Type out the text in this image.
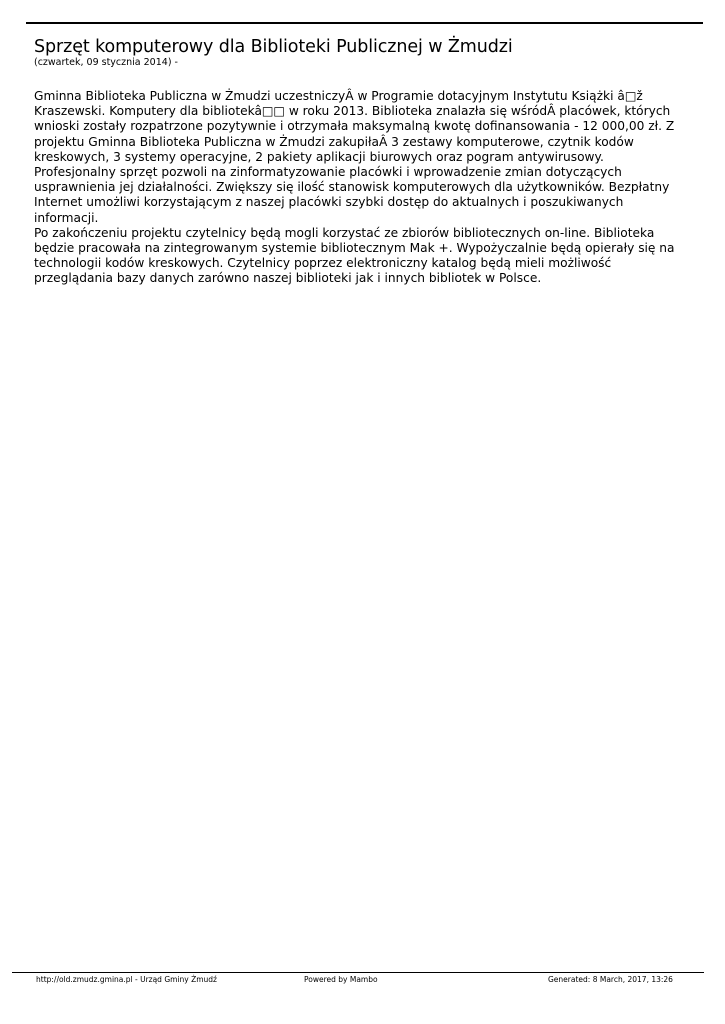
Sprzęt komputerowy dla Biblioteki Publicznej w Żmudzi
(czwartek, 09 stycznia 2014) -

Gminna Biblioteka Publiczna w Żmudzi uczestniczyÂ w Programie dotacyjnym Instytutu Książki â□ž Kraszewski. Komputery dla bibliotekâ□□ w roku 2013. Biblioteka znalazła się wśródÂ placówek, których wnioski zostały rozpatrzone pozytywnie i otrzymała maksymalną kwotę dofinansowania - 12 000,00 zł. Z projektu Gminna Biblioteka Publiczna w Żmudzi zakupiłaÂ 3 zestawy komputerowe, czytnik kodów kreskowych, 3 systemy operacyjne, 2 pakiety aplikacji biurowych oraz pogram antywirusowy. Profesjonalny sprzęt pozwoli na zinformatyzowanie placówki i wprowadzenie zmian dotyczących usprawnienia jej działalności. Zwiększy się ilość stanowisk komputerowych dla użytkowników. Bezpłatny Internet umożliwi korzystającym z naszej placówki szybki dostęp do aktualnych i poszukiwanych informacji.

Po zakończeniu projektu czytelnicy będą mogli korzystać ze zbiorów bibliotecznych on-line. Biblioteka będzie pracowała na zintegrowanym systemie bibliotecznym Mak +. Wypożyczalnie będą opierały się na technologii kodów kreskowych. Czytelnicy poprzez elektroniczny katalog będą mieli możliwość przeglądania bazy danych zarówno naszej biblioteki jak i innych bibliotek w Polsce.

http://old.zmudz.gmina.pl - Urząd Gminy Żmudź	Powered by Mambo	Generated: 8 March, 2017, 13:26
